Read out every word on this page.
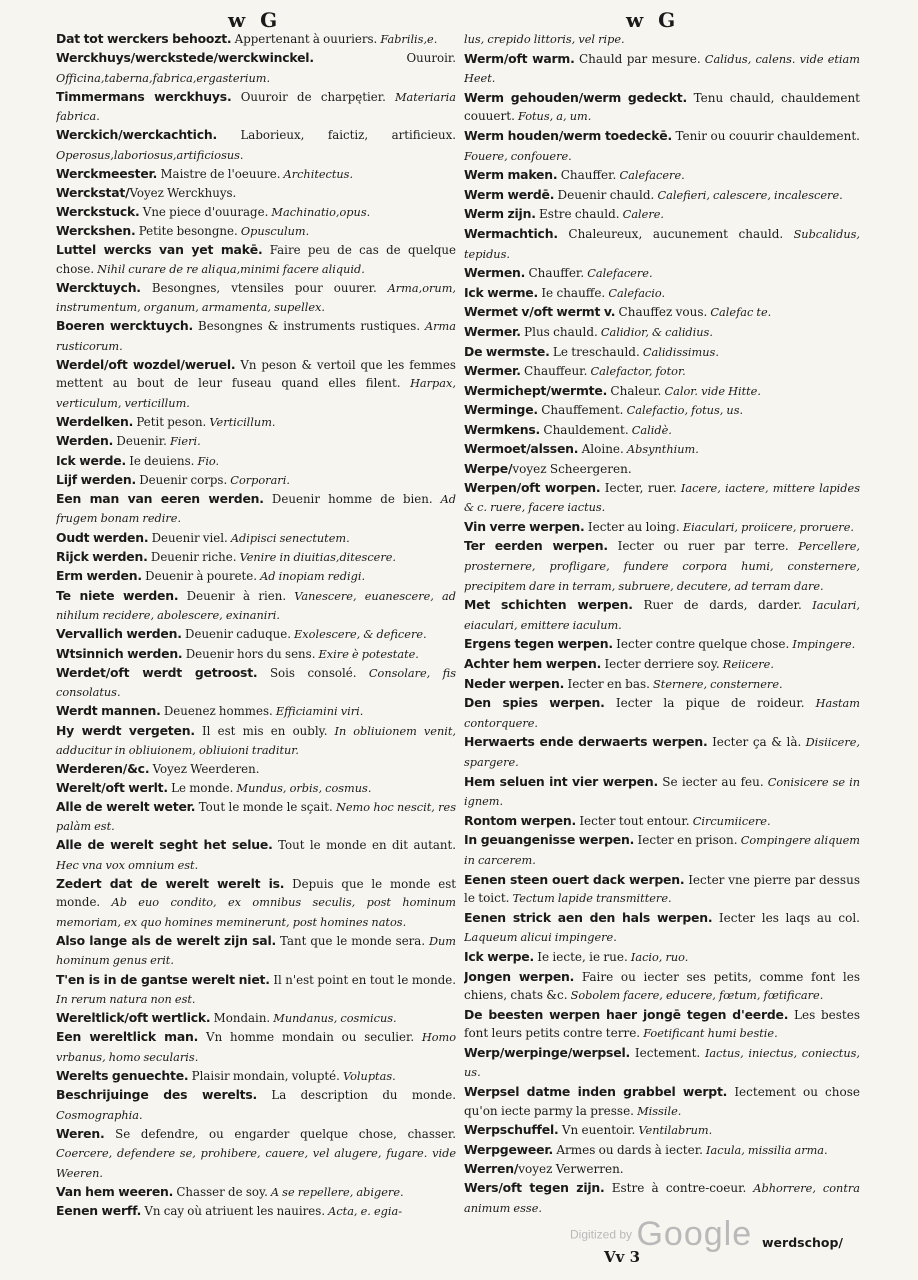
w G	w G

Dat tot werckers behoozt. Appertenant à ouuriers. Fabrilis,e.

Werckhuys/werckstede/werckwinckel. Ouuroir. Officina,taberna,fabrica,ergasterium.

Timmermans werckhuys. Ouuroir de charpętier. Materiaria fabrica.

Werckich/werckachtich. Laborieux, faictiz, artificieux. Operosus,laboriosus,artificiosus.

Werckmeester. Maistre de l'oeuure. Architectus.

Werckstat/Voyez Werckhuys.

Werckstuck. Vne piece d'ouurage. Machinatio,opus.

Werckshen. Petite besongne. Opusculum.

Luttel wercks van yet makē. Faire peu de cas de quelque chose. Nihil curare de re aliqua,minimi facere aliquid.

Wercktuych. Besongnes, vtensiles pour ouurer. Arma,orum, instrumentum, organum, armamenta, supellex.

Boeren wercktuych. Besongnes & instruments rustiques. Arma rusticorum.

Werdel/oft wozdel/weruel. Vn peson & vertoil que les femmes mettent au bout de leur fuseau quand elles filent. Harpax, verticulum, verticillum.

Werdelken. Petit peson. Verticillum.

Werden. Deuenir. Fieri.

Ick werde. Ie deuiens. Fio.

Lijf werden. Deuenir corps. Corporari.

Een man van eeren werden. Deuenir homme de bien. Ad frugem bonam redire.

Oudt werden. Deuenir viel. Adipisci senectutem.

Rijck werden. Deuenir riche. Venire in diuitias,ditescere.

Erm werden. Deuenir à pourete. Ad inopiam redigi.

Te niete werden. Deuenir à rien. Vanescere, euanescere, ad nihilum recidere, abolescere, exinaniri.

Vervallich werden. Deuenir caduque. Exolescere, & deficere.

Wtsinnich werden. Deuenir hors du sens. Exire è potestate.

Werdet/oft werdt getroost. Sois consolé. Consolare, fis consolatus.

Werdt mannen. Deuenez hommes. Efficiamini viri.

Hy werdt vergeten. Il est mis en oubly. In obliuionem venit, adducitur in obliuionem, obliuioni traditur.

Werderen/&c. Voyez Weerderen.

Werelt/oft werlt. Le monde. Mundus, orbis, cosmus.

Alle de werelt weter. Tout le monde le sçait. Nemo hoc nescit, res palàm est.

Alle de werelt seght het selue. Tout le monde en dit autant. Hec vna vox omnium est.

Zedert dat de werelt werelt is. Depuis que le monde est monde. Ab euo condito, ex omnibus seculis, post hominum memoriam, ex quo homines meminerunt, post homines natos.

Also lange als de werelt zijn sal. Tant que le monde sera. Dum hominum genus erit.

T'en is in de gantse werelt niet. Il n'est point en tout le monde. In rerum natura non est.

Wereltlick/oft wertlick. Mondain. Mundanus, cosmicus.

Een wereltlick man. Vn homme mondain ou seculier. Homo vrbanus, homo secularis.

Werelts genuechte. Plaisir mondain, volupté. Voluptas.

Beschrijuinge des werelts. La description du monde. Cosmographia.

Weren. Se defendre, ou engarder quelque chose, chasser. Coercere, defendere se, prohibere, cauere, vel alugere, fugare. vide Weeren.

Van hem weeren. Chasser de soy. A se repellere, abigere.

Eenen werff. Vn cay où atriuent les nauires. Acta, e. egia-

lus, crepido littoris, vel ripe.

Werm/oft warm. Chauld par mesure. Calidus, calens. vide etiam Heet.

Werm gehouden/werm gedeckt. Tenu chauld, chauldement couuert. Fotus, a, um.

Werm houden/werm toedeckē. Tenir ou couurir chauldement. Fouere, confouere.

Werm maken. Chauffer. Calefacere.

Werm werdē. Deuenir chauld. Calefieri, calescere, incalescere.

Werm zijn. Estre chauld. Calere.

Wermachtich. Chaleureux, aucunement chauld. Subcalidus, tepidus.

Wermen. Chauffer. Calefacere.

Ick werme. Ie chauffe. Calefacio.

Wermet v/oft wermt v. Chauffez vous. Calefac te.

Wermer. Plus chauld. Calidior, & calidius.

De wermste. Le treschauld. Calidissimus.

Wermer. Chauffeur. Calefactor, fotor.

Wermichept/wermte. Chaleur. Calor. vide Hitte.

Werminge. Chauffement. Calefactio, fotus, us.

Wermkens. Chauldement. Calidè.

Wermoet/alssen. Aloine. Absynthium.

Werpe/voyez Scheergeren.

Werpen/oft worpen. Iecter, ruer. Iacere, iactere, mittere lapides & c. ruere, facere iactus.

Vin verre werpen. Iecter au loing. Eiaculari, proiicere, proruere.

Ter eerden werpen. Iecter ou ruer par terre. Percellere, prosternere, profligare, fundere corpora humi, consternere, precipitem dare in terram, subruere, decutere, ad terram dare.

Met schichten werpen. Ruer de dards, darder. Iaculari, eiaculari, emittere iaculum.

Ergens tegen werpen. Iecter contre quelque chose. Impingere.

Achter hem werpen. Iecter derriere soy. Reiicere.

Neder werpen. Iecter en bas. Sternere, consternere.

Den spies werpen. Iecter la pique de roideur. Hastam contorquere.

Herwaerts ende derwaerts werpen. Iecter ça & là. Disiicere, spargere.

Hem seluen int vier werpen. Se iecter au feu. Conisicere se in ignem.

Rontom werpen. Iecter tout entour. Circumiicere.

In geuangenisse werpen. Iecter en prison. Compingere aliquem in carcerem.

Eenen steen ouert dack werpen. Iecter vne pierre par dessus le toict. Tectum lapide transmittere.

Eenen strick aen den hals werpen. Iecter les laqs au col. Laqueum alicui impingere.

Ick werpe. Ie iecte, ie rue. Iacio, ruo.

Jongen werpen. Faire ou iecter ses petits, comme font les chiens, chats &c. Sobolem facere, educere, fœtum, fœtificare.

De beesten werpen haer jongē tegen d'eerde. Les bestes font leurs petits contre terre. Foetificant humi bestie.

Werp/werpinge/werpsel. Iectement. Iactus, iniectus, coniectus, us.

Werpsel datme inden grabbel werpt. Iectement ou chose qu'on iecte parmy la presse. Missile.

Werpschuffel. Vn euentoir. Ventilabrum.

Werpgeweer. Armes ou dards à iecter. Iacula, missilia arma.

Werren/voyez Verwerren.

Wers/oft tegen zijn. Estre à contre-coeur. Abhorrere, contra animum esse.

Digitized by Google
Vv 3
werdschop/
